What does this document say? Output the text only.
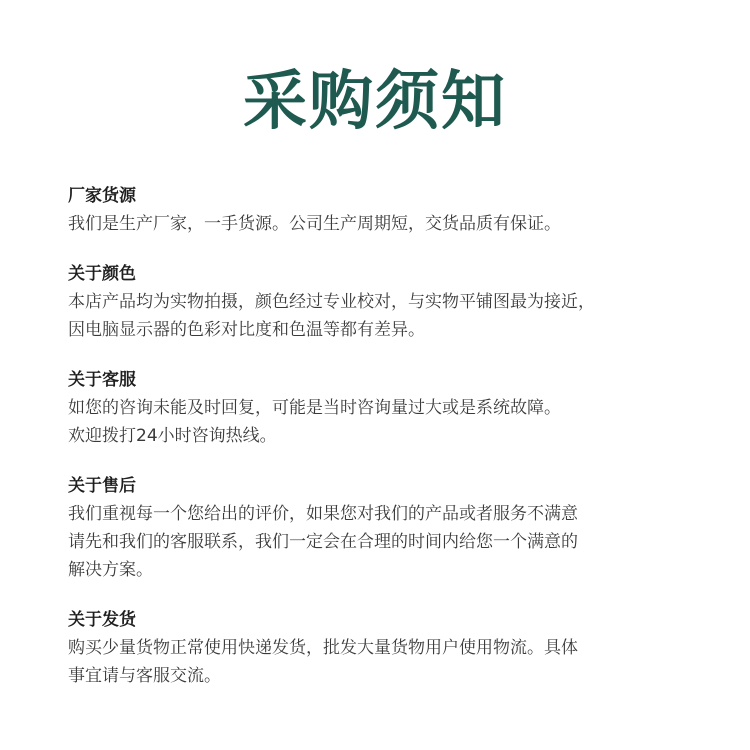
采购须知
厂家货源

我们是生产厂家，一手货源。公司生产周期短，交货品质有保证。

关于颜色

本店产品均为实物拍摄，颜色经过专业校对，与实物平铺图最为接近，

因电脑显示器的色彩对比度和色温等都有差异。

关于客服

如您的咨询未能及时回复，可能是当时咨询量过大或是系统故障。

欢迎拨打24小时咨询热线。

关于售后

我们重视每一个您给出的评价，如果您对我们的产品或者服务不满意

请先和我们的客服联系，我们一定会在合理的时间内给您一个满意的

解决方案。

关于发货

购买少量货物正常使用快递发货，批发大量货物用户使用物流。具体

事宜请与客服交流。
